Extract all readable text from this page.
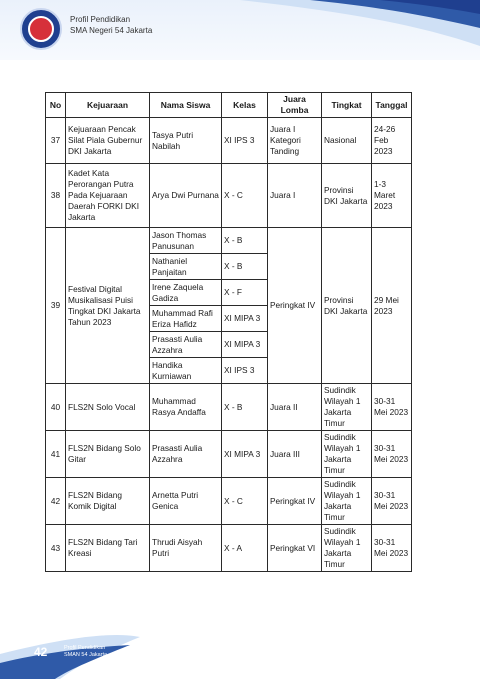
Profil Pendidikan
SMA Negeri 54 Jakarta
No	Kejuaraan	Nama Siswa	Kelas	Juara Lomba	Tingkat	Tanggal
37	Kejuaraan Pencak Silat Piala Gubernur DKI Jakarta	Tasya Putri Nabilah	XI IPS 3	Juara I Kategori Tanding	Nasional	24-26 Feb 2023
38	Kadet Kata Perorangan Putra Pada Kejuaraan Daerah FORKI DKI Jakarta	Arya Dwi Purnana	X - C	Juara I	Provinsi DKI Jakarta	1-3 Maret 2023
39	Festival Digital Musikalisasi Puisi Tingkat DKI Jakarta Tahun 2023	Jason Thomas Panusunan	X - B	Peringkat IV	Provinsi DKI Jakarta	29 Mei 2023
		Nathaniel Panjaitan	X - B			
		Irene Zaquela Gadiza	X - F			
		Muhammad Rafi Eriza Hafidz	XI MIPA 3			
		Prasasti Aulia Azzahra	XI MIPA 3			
		Handika Kurniawan	XI IPS 3			
40	FLS2N Solo Vocal	Muhammad Rasya Andaffa	X - B	Juara II	Sudindik Wilayah 1 Jakarta Timur	30-31 Mei 2023
41	FLS2N Bidang Solo Gitar	Prasasti Aulia Azzahra	XI MIPA 3	Juara III	Sudindik Wilayah 1 Jakarta Timur	30-31 Mei 2023
42	FLS2N Bidang Komik Digital	Arnetta Putri Genica	X - C	Peringkat IV	Sudindik Wilayah 1 Jakarta Timur	30-31 Mei 2023
43	FLS2N Bidang Tari Kreasi	Thrudi Aisyah Putri	X - A	Peringkat VI	Sudindik Wilayah 1 Jakarta Timur	30-31 Mei 2023
42	Profil Pendidikan
SMAN 54 Jakarta
